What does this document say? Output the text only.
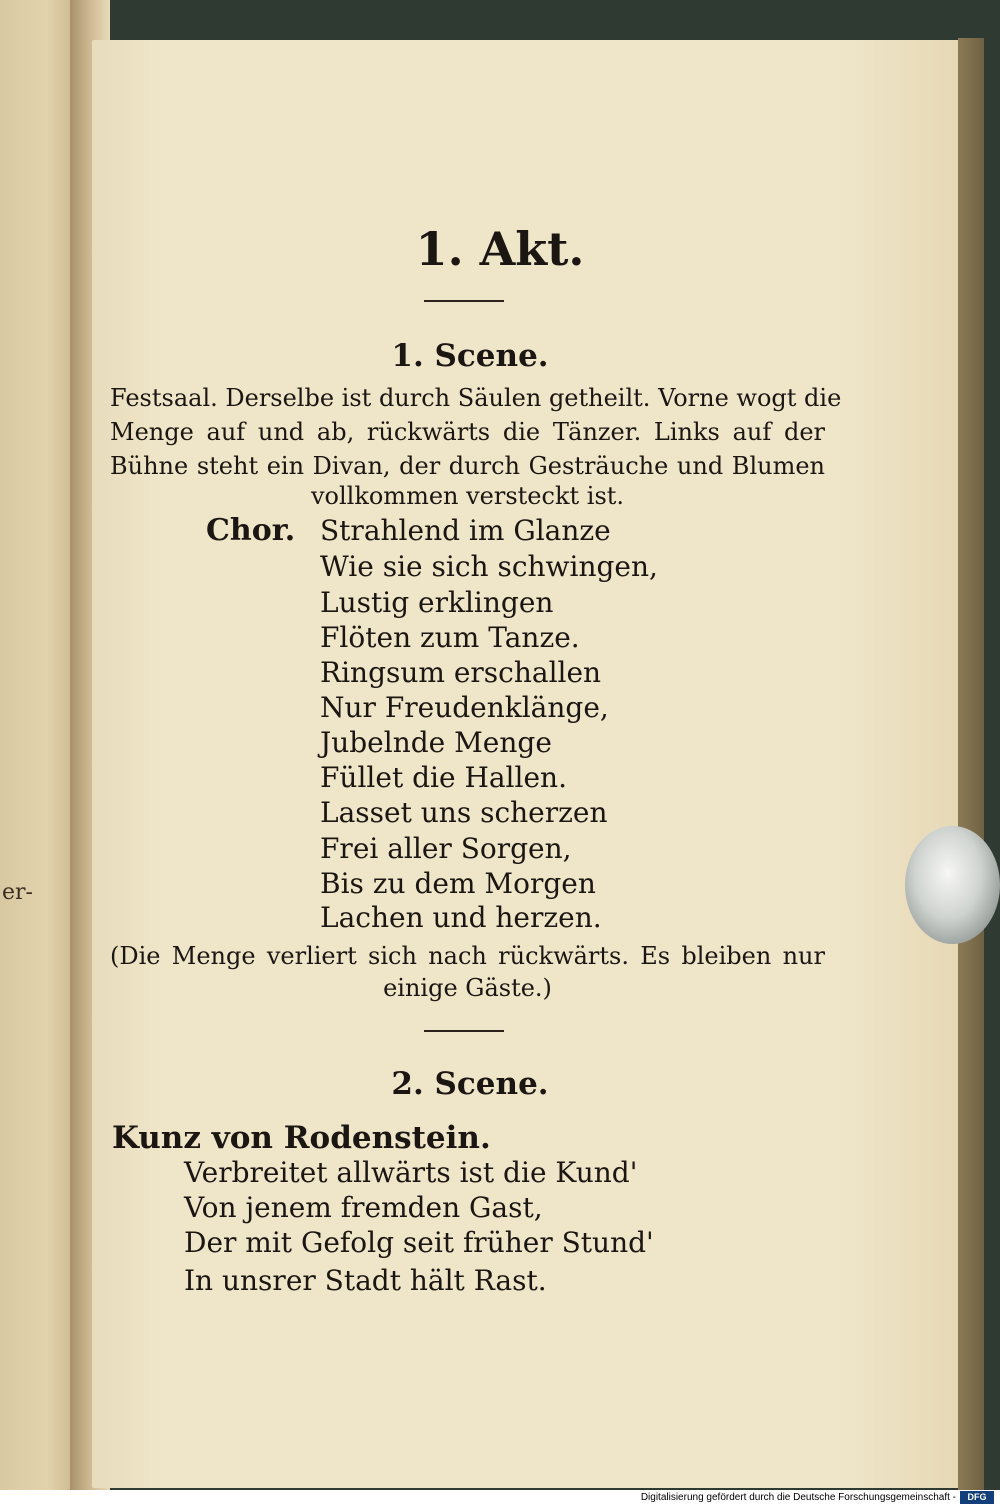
er-
1. Akt.
1. Scene.
Festsaal. Derselbe ist durch Säulen getheilt. Vorne wogt die
Menge auf und ab, rückwärts die Tänzer. Links auf der
Bühne steht ein Divan, der durch Gesträuche und Blumen
vollkommen versteckt ist.
Chor. Strahlend im Glanze
Wie sie sich schwingen,
Lustig erklingen
Flöten zum Tanze.
Ringsum erschallen
Nur Freudenklänge,
Jubelnde Menge
Füllet die Hallen.
Lasset uns scherzen
Frei aller Sorgen,
Bis zu dem Morgen
Lachen und herzen.
(Die Menge verliert sich nach rückwärts. Es bleiben nur
einige Gäste.)
2. Scene.
Kunz von Rodenstein.
Verbreitet allwärts ist die Kund'
Von jenem fremden Gast,
Der mit Gefolg seit früher Stund'
In unsrer Stadt hält Rast.
Digitalisierung gefördert durch die Deutsche Forschungsgemeinschaft -	DFG
